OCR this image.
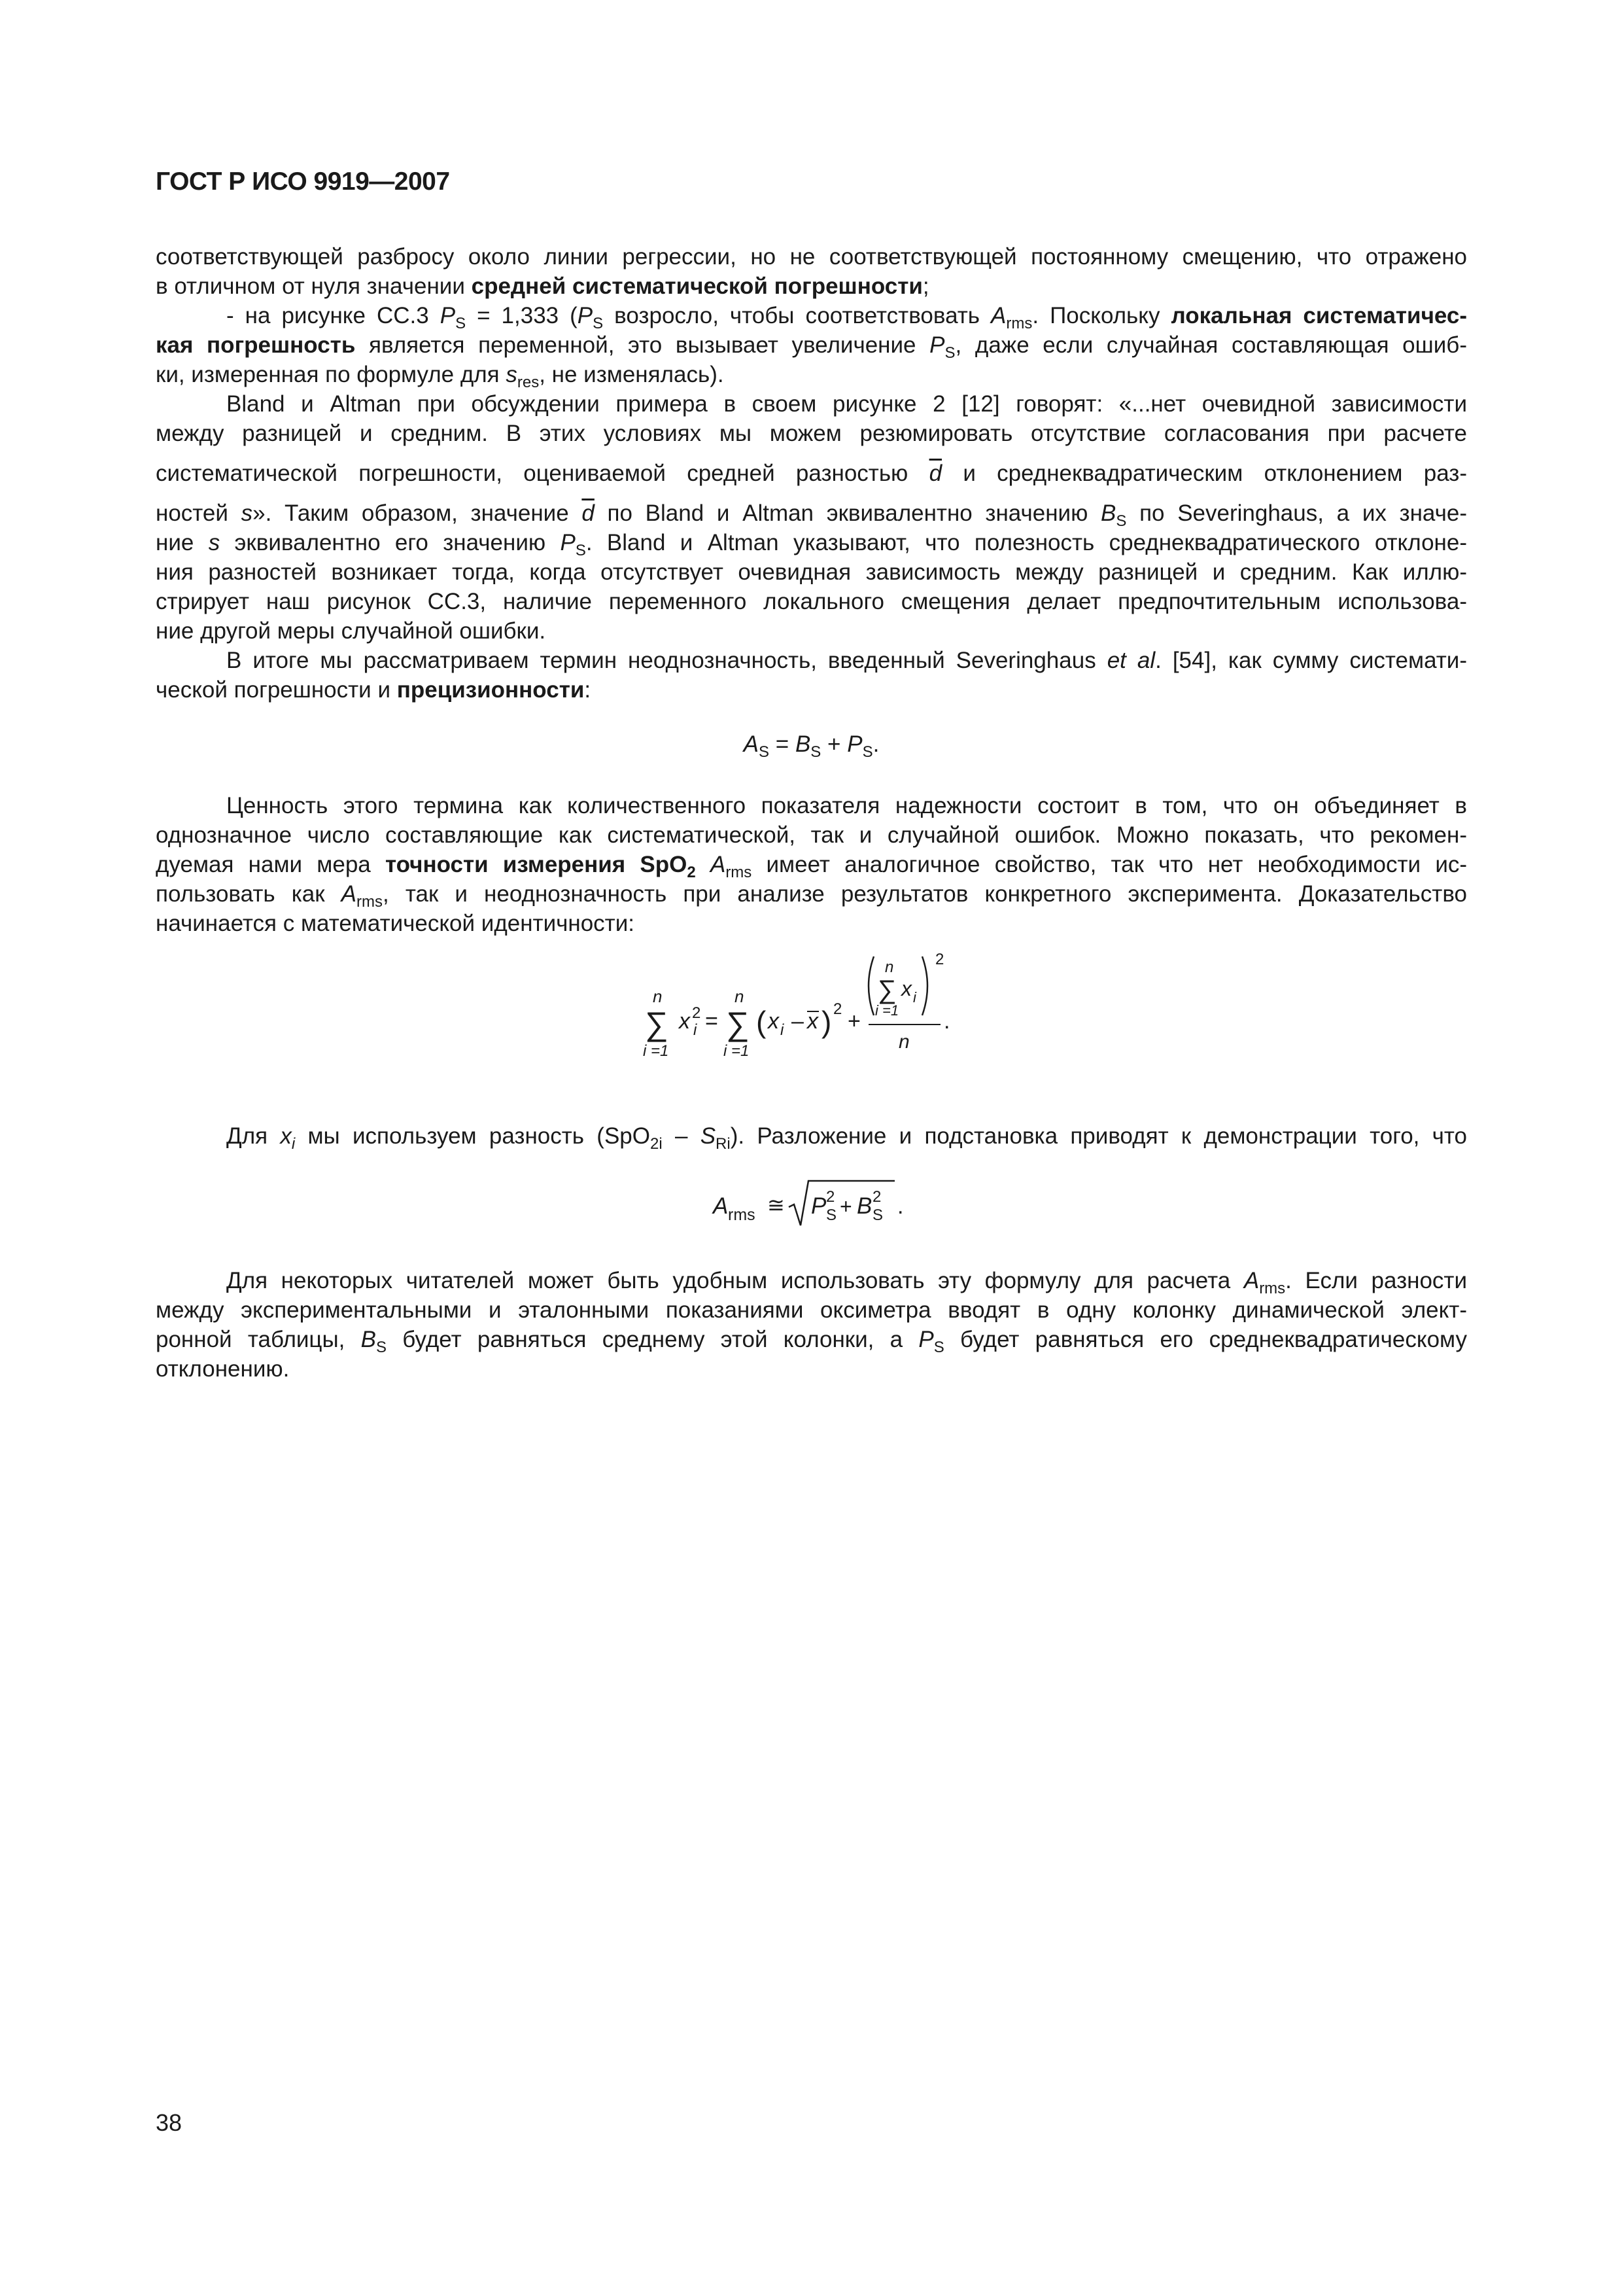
ГОСТ Р ИСО 9919—2007

соответствующей разбросу около линии регрессии, но не соответствующей постоянному смещению, что отражено

в отличном от нуля значении средней систематической погрешности;

- на рисунке СС.3 $P_S = 1,333$ ($P_S$ возросло, чтобы соответствовать $A_{rms}$. Поскольку локальная систематичес-

кая погрешность является переменной, это вызывает увеличение $P_S$, даже если случайная составляющая ошиб-

ки, измеренная по формуле для $s_{res}$, не изменялась).

Bland и Altman при обсуждении примера в своем рисунке 2 [12] говорят: «...нет очевидной зависимости

между разницей и средним. В этих условиях мы можем резюмировать отсутствие согласования при расчете

систематической погрешности, оцениваемой средней разностью $\overline{d}$ и среднеквадратическим отклонением раз-

ностей s». Таким образом, значение $\overline{d}$ по Bland и Altman эквивалентно значению $B_S$ по Severinghaus, а их значе-

ние s эквивалентно его значению $P_S$. Bland и Altman указывают, что полезность среднеквадратического отклоне-

ния разностей возникает тогда, когда отсутствует очевидная зависимость между разницей и средним. Как иллю-

стрирует наш рисунок СС.3, наличие переменного локального смещения делает предпочтительным использова-

ние другой меры случайной ошибки.

В итоге мы рассматриваем термин неоднозначность, введенный Severinghaus et al. [54], как сумму системати-

ческой погрешности и прецизионности:

$A_S = B_S + P_S$.

Ценность этого термина как количественного показателя надежности состоит в том, что он объединяет в

однозначное число составляющие как систематической, так и случайной ошибок. Можно показать, что рекомен-

дуемая нами мера точности измерения SpO$_2$ $A_{rms}$ имеет аналогичное свойство, так что нет необходимости ис-

пользовать как $A_{rms}$, так и неоднозначность при анализе результатов конкретного эксперимента. Доказательство

начинается с математической идентичности:

n
∑
i =1
x 2
i =
n
∑
i =1
( x i – x ) 2 +
n
∑
i =1
x i
2
n
.

Для $x_i$ мы используем разность $(SpO_{2i} - S_{Ri})$. Разложение и подстановка приводят к демонстрации того, что

A rms ≅ P 2
S + B 2
S .

Для некоторых читателей может быть удобным использовать эту формулу для расчета $A_{rms}$. Если разности

между экспериментальными и эталонными показаниями оксиметра вводят в одну колонку динамической элект-

ронной таблицы, $B_S$ будет равняться среднему этой колонки, а $P_S$ будет равняться его среднеквадратическому

отклонению.

38
